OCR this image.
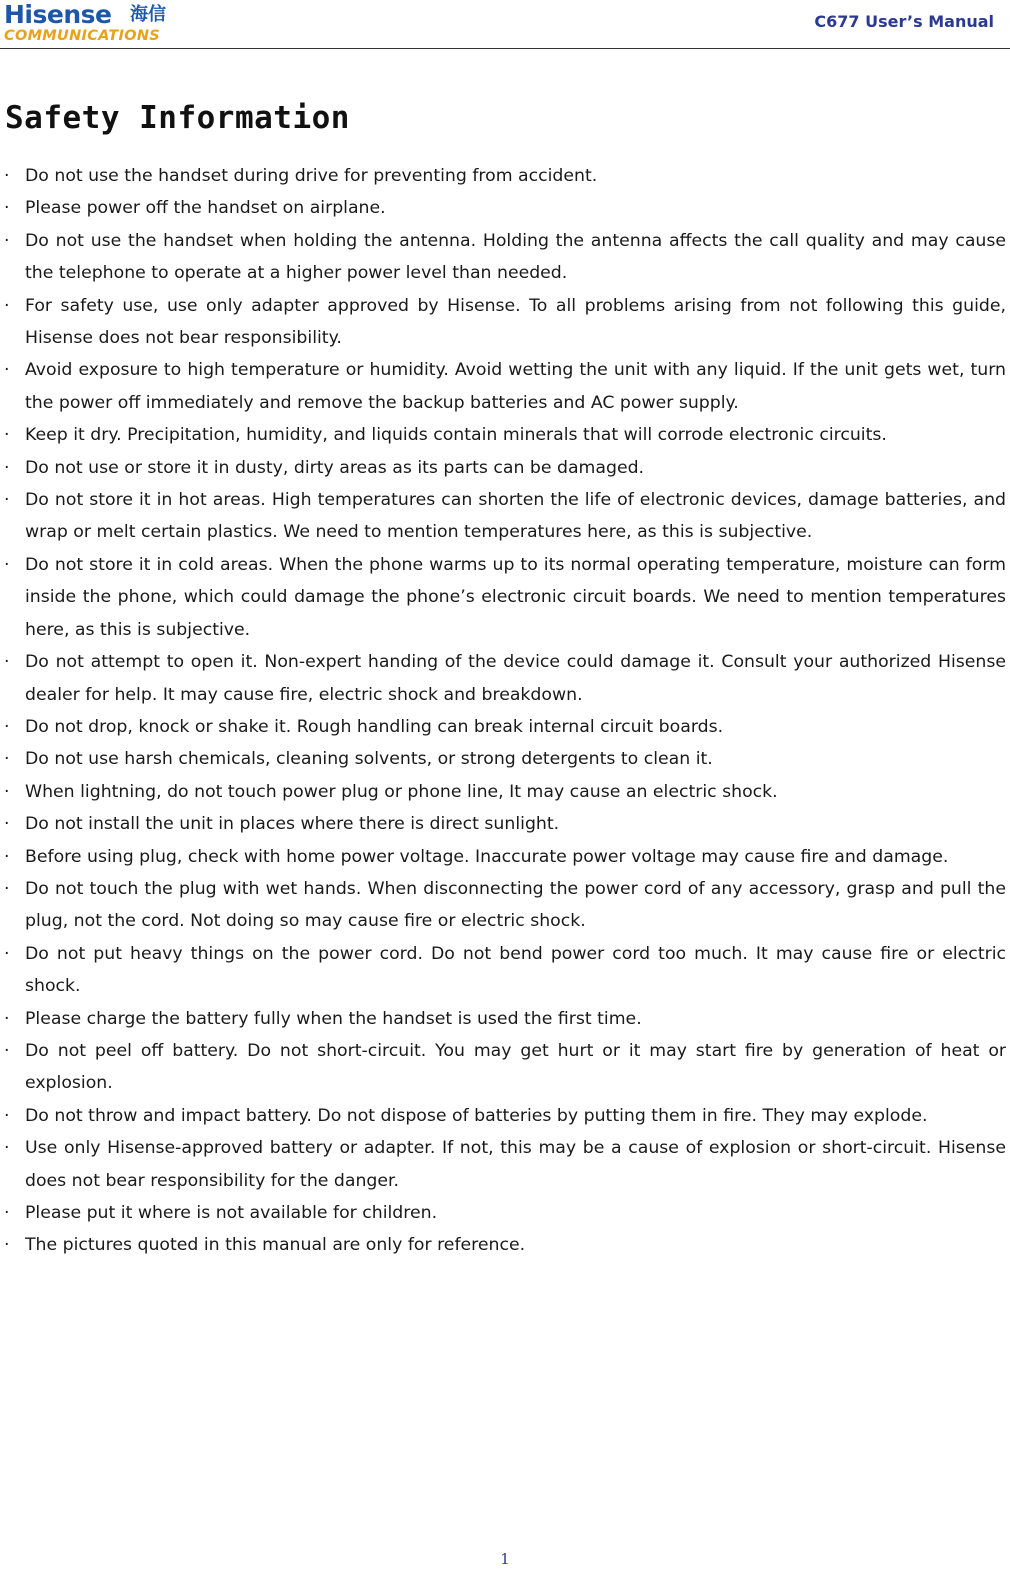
Hisense 海信
COMMUNICATIONS
C677 User’s Manual
Safety Information
· Do not use the handset during drive for preventing from accident.
· Please power off the handset on airplane.
· Do not use the handset when holding the antenna. Holding the antenna affects the call quality and may cause the telephone to operate at a higher power level than needed.
· For safety use, use only adapter approved by Hisense. To all problems arising from not following this guide, Hisense does not bear responsibility.
· Avoid exposure to high temperature or humidity. Avoid wetting the unit with any liquid. If the unit gets wet, turn the power off immediately and remove the backup batteries and AC power supply.
· Keep it dry. Precipitation, humidity, and liquids contain minerals that will corrode electronic circuits.
· Do not use or store it in dusty, dirty areas as its parts can be damaged.
· Do not store it in hot areas. High temperatures can shorten the life of electronic devices, damage batteries, and wrap or melt certain plastics. We need to mention temperatures here, as this is subjective.
· Do not store it in cold areas. When the phone warms up to its normal operating temperature, moisture can form inside the phone, which could damage the phone’s electronic circuit boards. We need to mention temperatures here, as this is subjective.
· Do not attempt to open it. Non-expert handing of the device could damage it. Consult your authorized Hisense dealer for help. It may cause fire, electric shock and breakdown.
· Do not drop, knock or shake it. Rough handling can break internal circuit boards.
· Do not use harsh chemicals, cleaning solvents, or strong detergents to clean it.
· When lightning, do not touch power plug or phone line, It may cause an electric shock.
· Do not install the unit in places where there is direct sunlight.
· Before using plug, check with home power voltage. Inaccurate power voltage may cause fire and damage.
· Do not touch the plug with wet hands. When disconnecting the power cord of any accessory, grasp and pull the plug, not the cord. Not doing so may cause fire or electric shock.
· Do not put heavy things on the power cord. Do not bend power cord too much. It may cause fire or electric shock.
· Please charge the battery fully when the handset is used the first time.
· Do not peel off battery. Do not short-circuit. You may get hurt or it may start fire by generation of heat or explosion.
· Do not throw and impact battery. Do not dispose of batteries by putting them in fire. They may explode.
· Use only Hisense-approved battery or adapter. If not, this may be a cause of explosion or short-circuit. Hisense does not bear responsibility for the danger.
· Please put it where is not available for children.
· The pictures quoted in this manual are only for reference.
1
